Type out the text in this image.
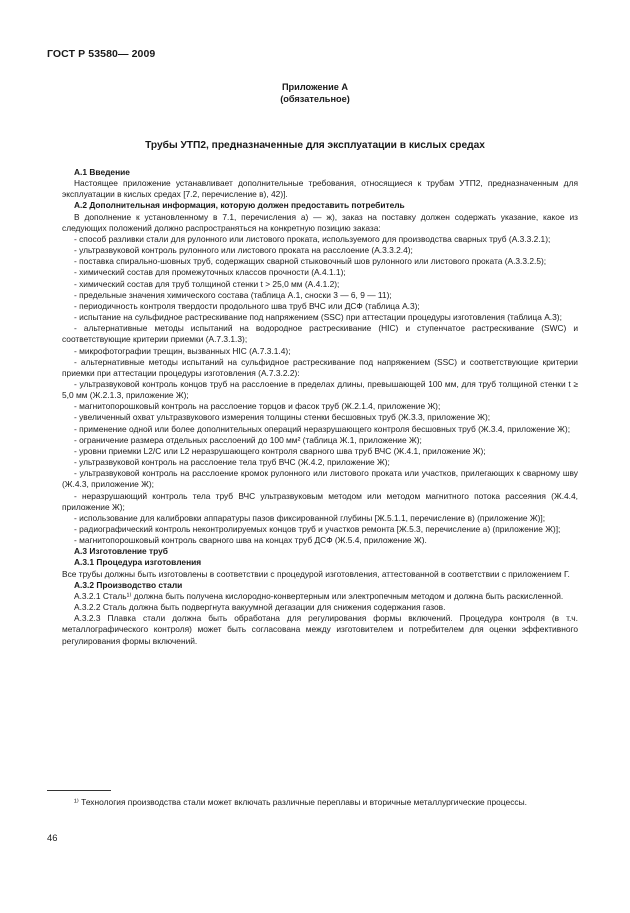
ГОСТ Р 53580— 2009
Приложение А
(обязательное)
Трубы УТП2, предназначенные для эксплуатации в кислых средах

А.1 Введение

Настоящее приложение устанавливает дополнительные требования, относящиеся к трубам УТП2, предназначенным для эксплуатации в кислых средах [7.2, перечисление в), 42)].

А.2 Дополнительная информация, которую должен предоставить потребитель

В дополнение к установленному в 7.1, перечисления а) — ж), заказ на поставку должен содержать указание, какое из следующих положений должно распространяться на конкретную позицию заказа:

- способ разливки стали для рулонного или листового проката, используемого для производства сварных труб (А.3.3.2.1);

- ультразвуковой контроль рулонного или листового проката на расслоение (А.3.3.2.4);

- поставка спирально-шовных труб, содержащих сварной стыковочный шов рулонного или листового проката (А.3.3.2.5);

- химический состав для промежуточных классов прочности (А.4.1.1);

- химический состав для труб толщиной стенки t > 25,0 мм (А.4.1.2);

- предельные значения химического состава (таблица А.1, сноски 3 — 6, 9 — 11);

- периодичность контроля твердости продольного шва труб ВЧС или ДСФ (таблица А.3);

- испытание на сульфидное растрескивание под напряжением (SSC) при аттестации процедуры изготовления (таблица А.3);

- альтернативные методы испытаний на водородное растрескивание (HIC) и ступенчатое растрескивание (SWC) и соответствующие критерии приемки (А.7.3.1.3);

- микрофотографии трещин, вызванных HIC (А.7.3.1.4);

- альтернативные методы испытаний на сульфидное растрескивание под напряжением (SSC) и соответствующие критерии приемки при аттестации процедуры изготовления (А.7.3.2.2):

- ультразвуковой контроль концов труб на расслоение в пределах длины, превышающей 100 мм, для труб толщиной стенки t ≥ 5,0 мм (Ж.2.1.3, приложение Ж);

- магнитопорошковый контроль на расслоение торцов и фасок труб (Ж.2.1.4, приложение Ж);

- увеличенный охват ультразвукового измерения толщины стенки бесшовных труб (Ж.3.3, приложение Ж);

- применение одной или более дополнительных операций неразрушающего контроля бесшовных труб (Ж.3.4, приложение Ж);

- ограничение размера отдельных расслоений до 100 мм² (таблица Ж.1, приложение Ж);

- уровни приемки L2/C или L2 неразрушающего контроля сварного шва труб ВЧС (Ж.4.1, приложение Ж);

- ультразвуковой контроль на расслоение тела труб ВЧС (Ж.4.2, приложение Ж);

- ультразвуковой контроль на расслоение кромок рулонного или листового проката или участков, прилегающих к сварному шву (Ж.4.3, приложение Ж);

- неразрушающий контроль тела труб ВЧС ультразвуковым методом или методом магнитного потока рассеяния (Ж.4.4, приложение Ж);

- использование для калибровки аппаратуры пазов фиксированной глубины [Ж.5.1.1, перечисление в) (приложение Ж)];

- радиографический контроль неконтролируемых концов труб и участков ремонта [Ж.5.3, перечисление а) (приложение Ж)];

- магнитопорошковый контроль сварного шва на концах труб ДСФ (Ж.5.4, приложение Ж).

А.3 Изготовление труб

А.3.1 Процедура изготовления

Все трубы должны быть изготовлены в соответствии с процедурой изготовления, аттестованной в соответствии с приложением Г.

А.3.2 Производство стали

А.3.2.1 Сталь¹⁾ должна быть получена кислородно-конвертерным или электропечным методом и должна быть раскисленной.

А.3.2.2 Сталь должна быть подвергнута вакуумной дегазации для снижения содержания газов.

А.3.2.3 Плавка стали должна быть обработана для регулирования формы включений. Процедура контроля (в т.ч. металлографического контроля) может быть согласована между изготовителем и потребителем для оценки эффективного регулирования формы включений.

¹⁾ Технология производства стали может включать различные переплавы и вторичные металлургические процессы.

46
